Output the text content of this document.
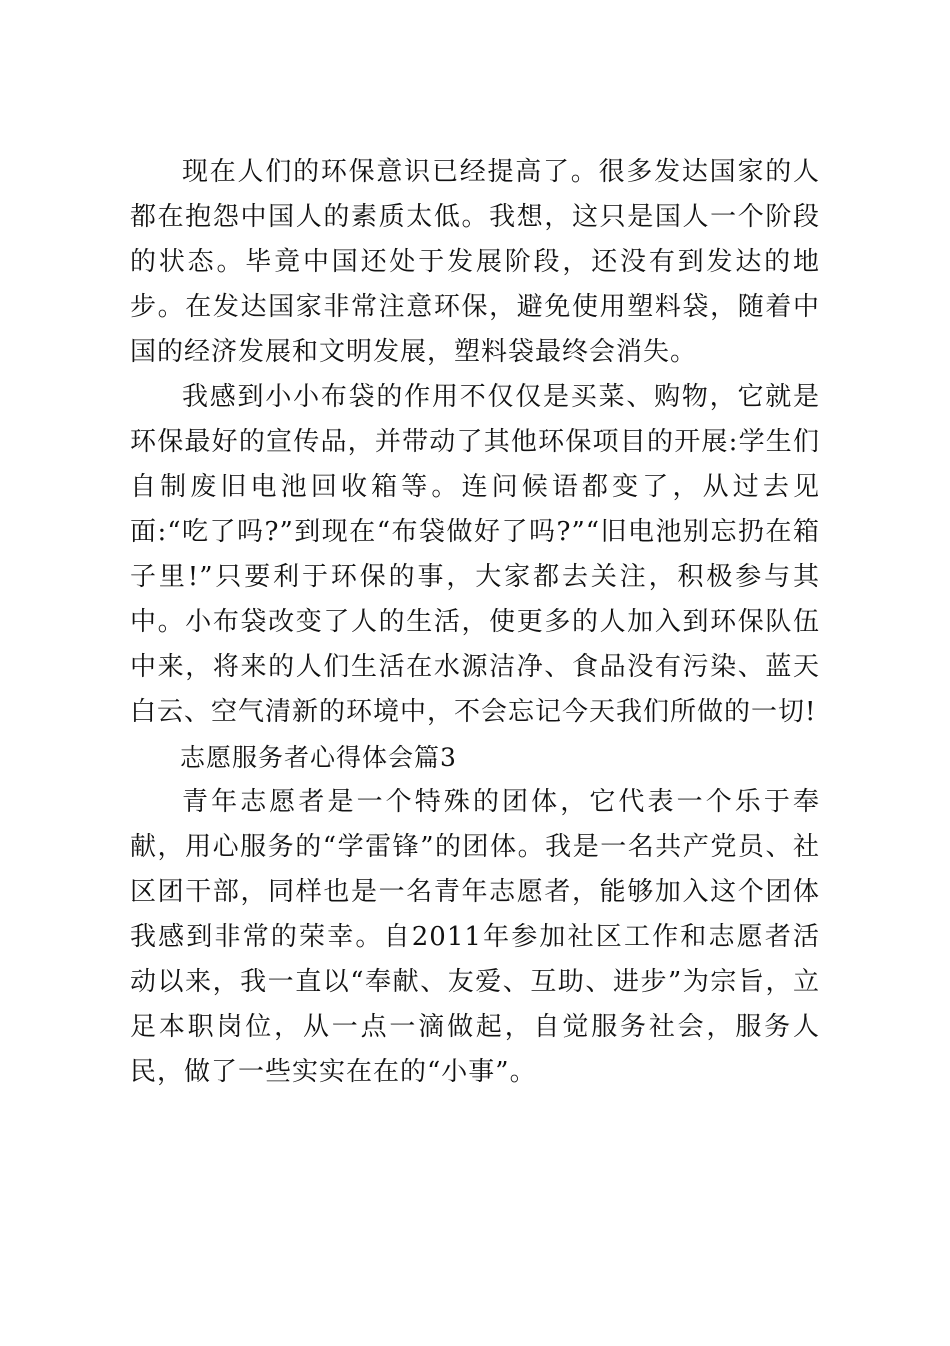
现在人们的环保意识已经提高了。很多发达国家的人都在抱怨中国人的素质太低。我想，这只是国人一个阶段的状态。毕竟中国还处于发展阶段，还没有到发达的地步。在发达国家非常注意环保，避免使用塑料袋，随着中国的经济发展和文明发展，塑料袋最终会消失。

我感到小小布袋的作用不仅仅是买菜、购物，它就是环保最好的宣传品，并带动了其他环保项目的开展:学生们自制废旧电池回收箱等。连问候语都变了，从过去见面:“吃了吗?”到现在“布袋做好了吗?”“旧电池别忘扔在箱子里!”只要利于环保的事，大家都去关注，积极参与其中。小布袋改变了人的生活，使更多的人加入到环保队伍中来，将来的人们生活在水源洁净、食品没有污染、蓝天白云、空气清新的环境中，不会忘记今天我们所做的一切!

志愿服务者心得体会篇3

青年志愿者是一个特殊的团体，它代表一个乐于奉献，用心服务的“学雷锋”的团体。我是一名共产党员、社区团干部，同样也是一名青年志愿者，能够加入这个团体我感到非常的荣幸。自2011年参加社区工作和志愿者活动以来，我一直以“奉献、友爱、互助、进步”为宗旨，立足本职岗位，从一点一滴做起，自觉服务社会，服务人民，做了一些实实在在的“小事”。
